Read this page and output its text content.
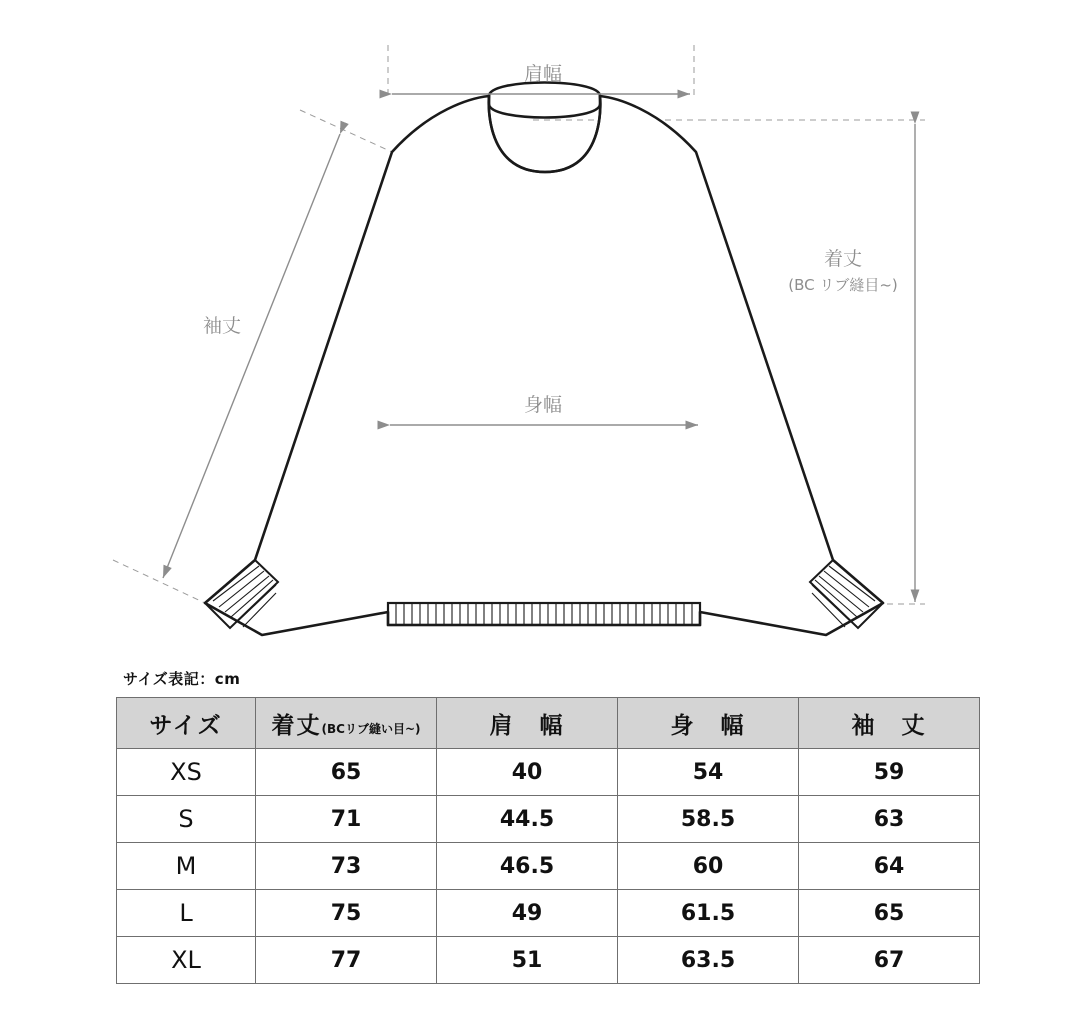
肩幅
身幅
袖丈
着丈
(BC リブ縫目~)
サイズ表記：cm
サイズ	着丈(BCリブ縫い目~)	肩　幅	身　幅	袖　丈
XS	65	40	54	59
S	71	44.5	58.5	63
M	73	46.5	60	64
L	75	49	61.5	65
XL	77	51	63.5	67
